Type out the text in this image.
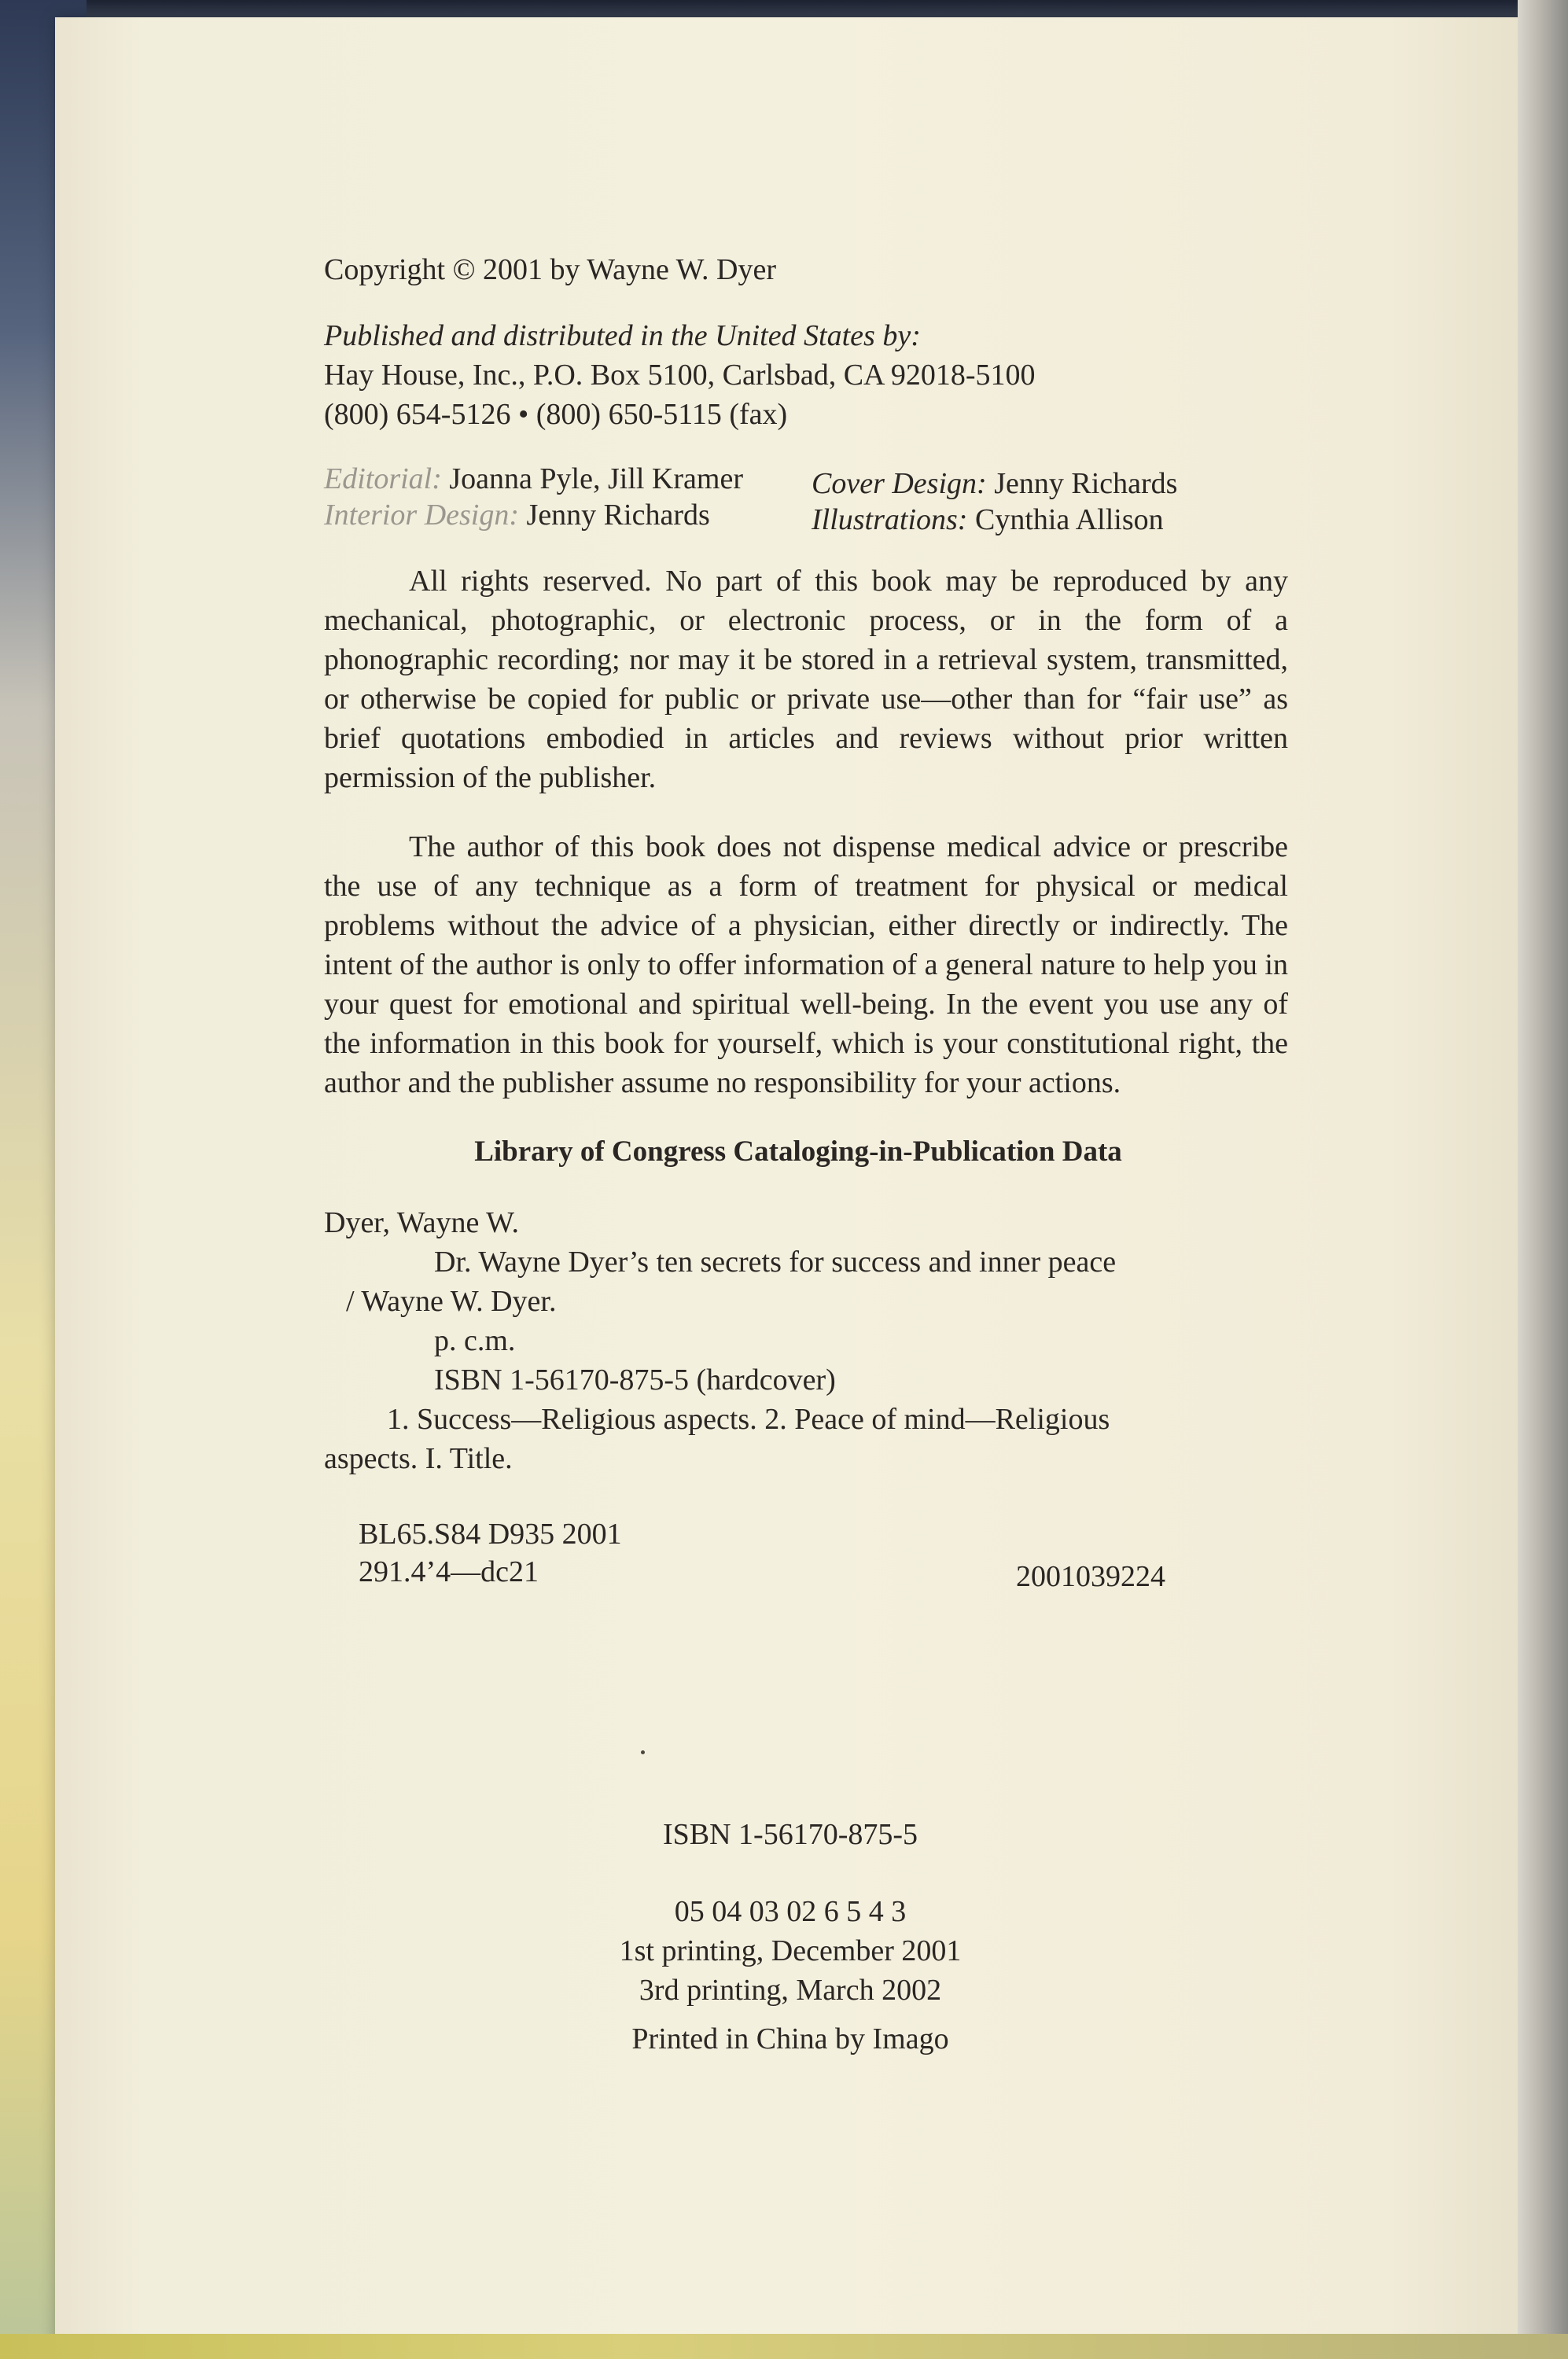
Copyright © 2001 by Wayne W. Dyer
Published and distributed in the United States by:
Hay House, Inc., P.O. Box 5100, Carlsbad, CA 92018-5100
(800) 654-5126 • (800) 650-5115 (fax)
Editorial: Joanna Pyle, Jill Kramer Cover Design: Jenny Richards
Interior Design: Jenny Richards	Illustrations: Cynthia Allison

All rights reserved. No part of this book may be reproduced by any mechanical, photographic, or electronic process, or in the form of a phonographic recording; nor may it be stored in a retrieval system, transmitted, or otherwise be copied for public or private use—other than for “fair use” as brief quotations embodied in articles and reviews without prior written permission of the publisher.

The author of this book does not dispense medical advice or prescribe the use of any technique as a form of treatment for physical or medical problems without the advice of a physician, either directly or indirectly. The intent of the author is only to offer information of a general nature to help you in your quest for emotional and spiritual well-being. In the event you use any of the information in this book for yourself, which is your constitutional right, the author and the publisher assume no responsibility for your actions.

Library of Congress Cataloging-in-Publication Data
Dyer, Wayne W.
Dr. Wayne Dyer’s ten secrets for success and inner peace
/ Wayne W. Dyer.
p. c.m.
ISBN 1-56170-875-5 (hardcover)
1. Success—Religious aspects. 2. Peace of mind—Religious
aspects. I. Title.
BL65.S84 D935 2001
291.4’4—dc21	2001039224
ISBN 1-56170-875-5
05 04 03 02 6 5 4 3
1st printing, December 2001
3rd printing, March 2002
Printed in China by Imago
